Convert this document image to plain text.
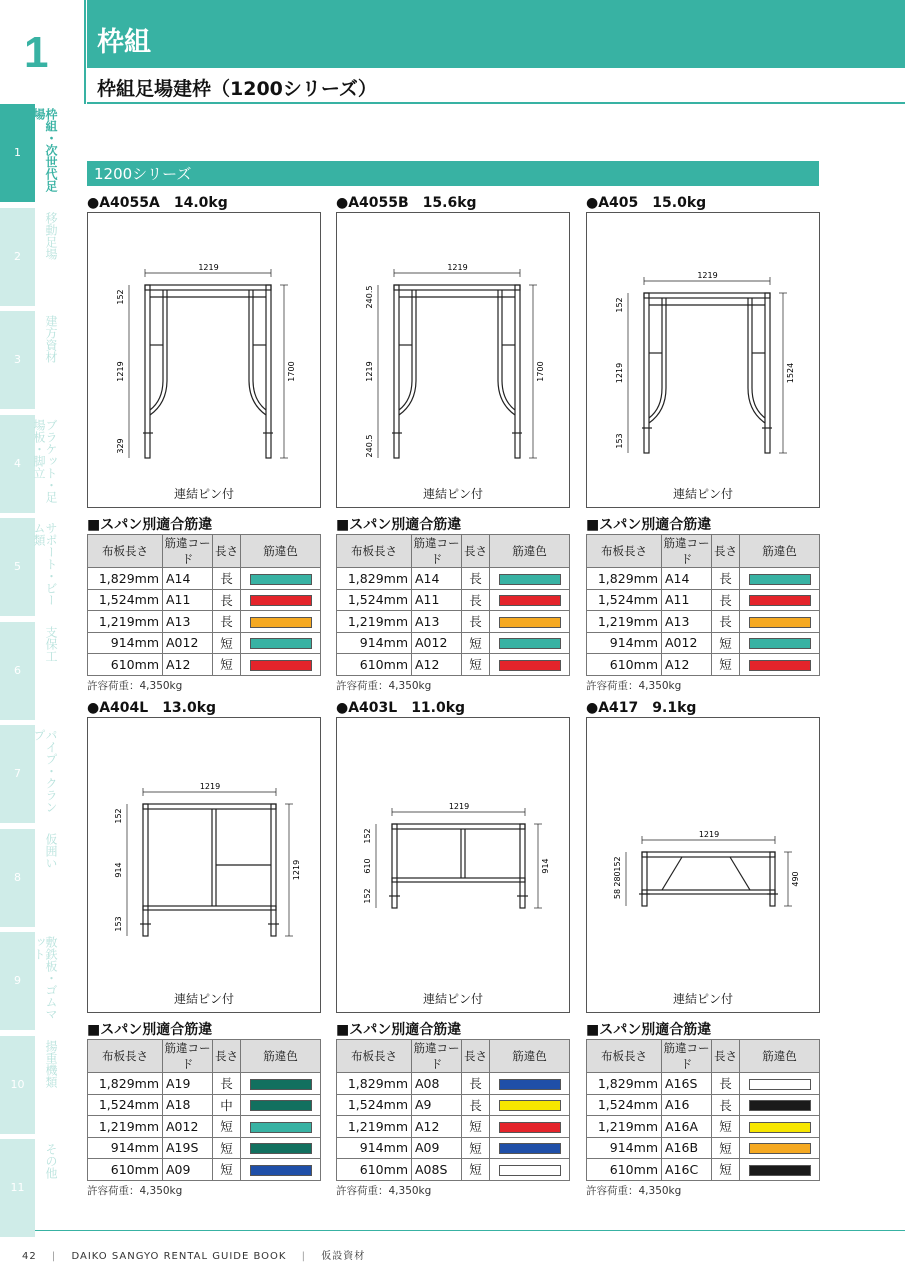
1 枠組
枠組足場建枠（1200シリーズ）
1200シリーズ
●A4055A　14.0kg
1219
1700
152
1219
329
連結ピン付
■スパン別適合筋違
布板長さ	筋違コード	長さ	筋違色
1,829mm	A14	長	
1,524mm	A11	長	
1,219mm	A13	長	
914mm	A012	短	
610mm	A12	短	
許容荷重：4,350kg
●A4055B　15.6kg
1219
1700
240.5
1219
240.5
連結ピン付
■スパン別適合筋違
布板長さ	筋違コード	長さ	筋違色
1,829mm	A14	長	
1,524mm	A11	長	
1,219mm	A13	長	
914mm	A012	短	
610mm	A12	短	
許容荷重：4,350kg
●A405　15.0kg
1219
1524
152
1219
153
連結ピン付
■スパン別適合筋違
布板長さ	筋違コード	長さ	筋違色
1,829mm	A14	長	
1,524mm	A11	長	
1,219mm	A13	長	
914mm	A012	短	
610mm	A12	短	
許容荷重：4,350kg
●A404L　13.0kg
1219
1219
152
914
153
連結ピン付
■スパン別適合筋違
布板長さ	筋違コード	長さ	筋違色
1,829mm	A19	長	
1,524mm	A18	中	
1,219mm	A012	短	
914mm	A19S	短	
610mm	A09	短	
許容荷重：4,350kg
●A403L　11.0kg
1219
914
152
610
152
連結ピン付
■スパン別適合筋違
布板長さ	筋違コード	長さ	筋違色
1,829mm	A08	長	
1,524mm	A9	長	
1,219mm	A12	短	
914mm	A09	短	
610mm	A08S	短	
許容荷重：4,350kg
●A417　9.1kg
1219
490
152
280
58
連結ピン付
■スパン別適合筋違
布板長さ	筋違コード	長さ	筋違色
1,829mm	A16S	長	
1,524mm	A16	長	
1,219mm	A16A	短	
914mm	A16B	短	
610mm	A16C	短	
許容荷重：4,350kg
42 　|　 DAIKO SANGYO RENTAL GUIDE BOOK 　|　 仮設資材
1	枠組・次世代足場
2	移動足場
3	建方資材
4	ブラケット・足場板・脚立
5	サポート・ビーム類
6
支保工
7	パイプ・クランプ
8
仮囲い
9	敷鉄板・ゴムマット
10	揚重機類
11
その他
